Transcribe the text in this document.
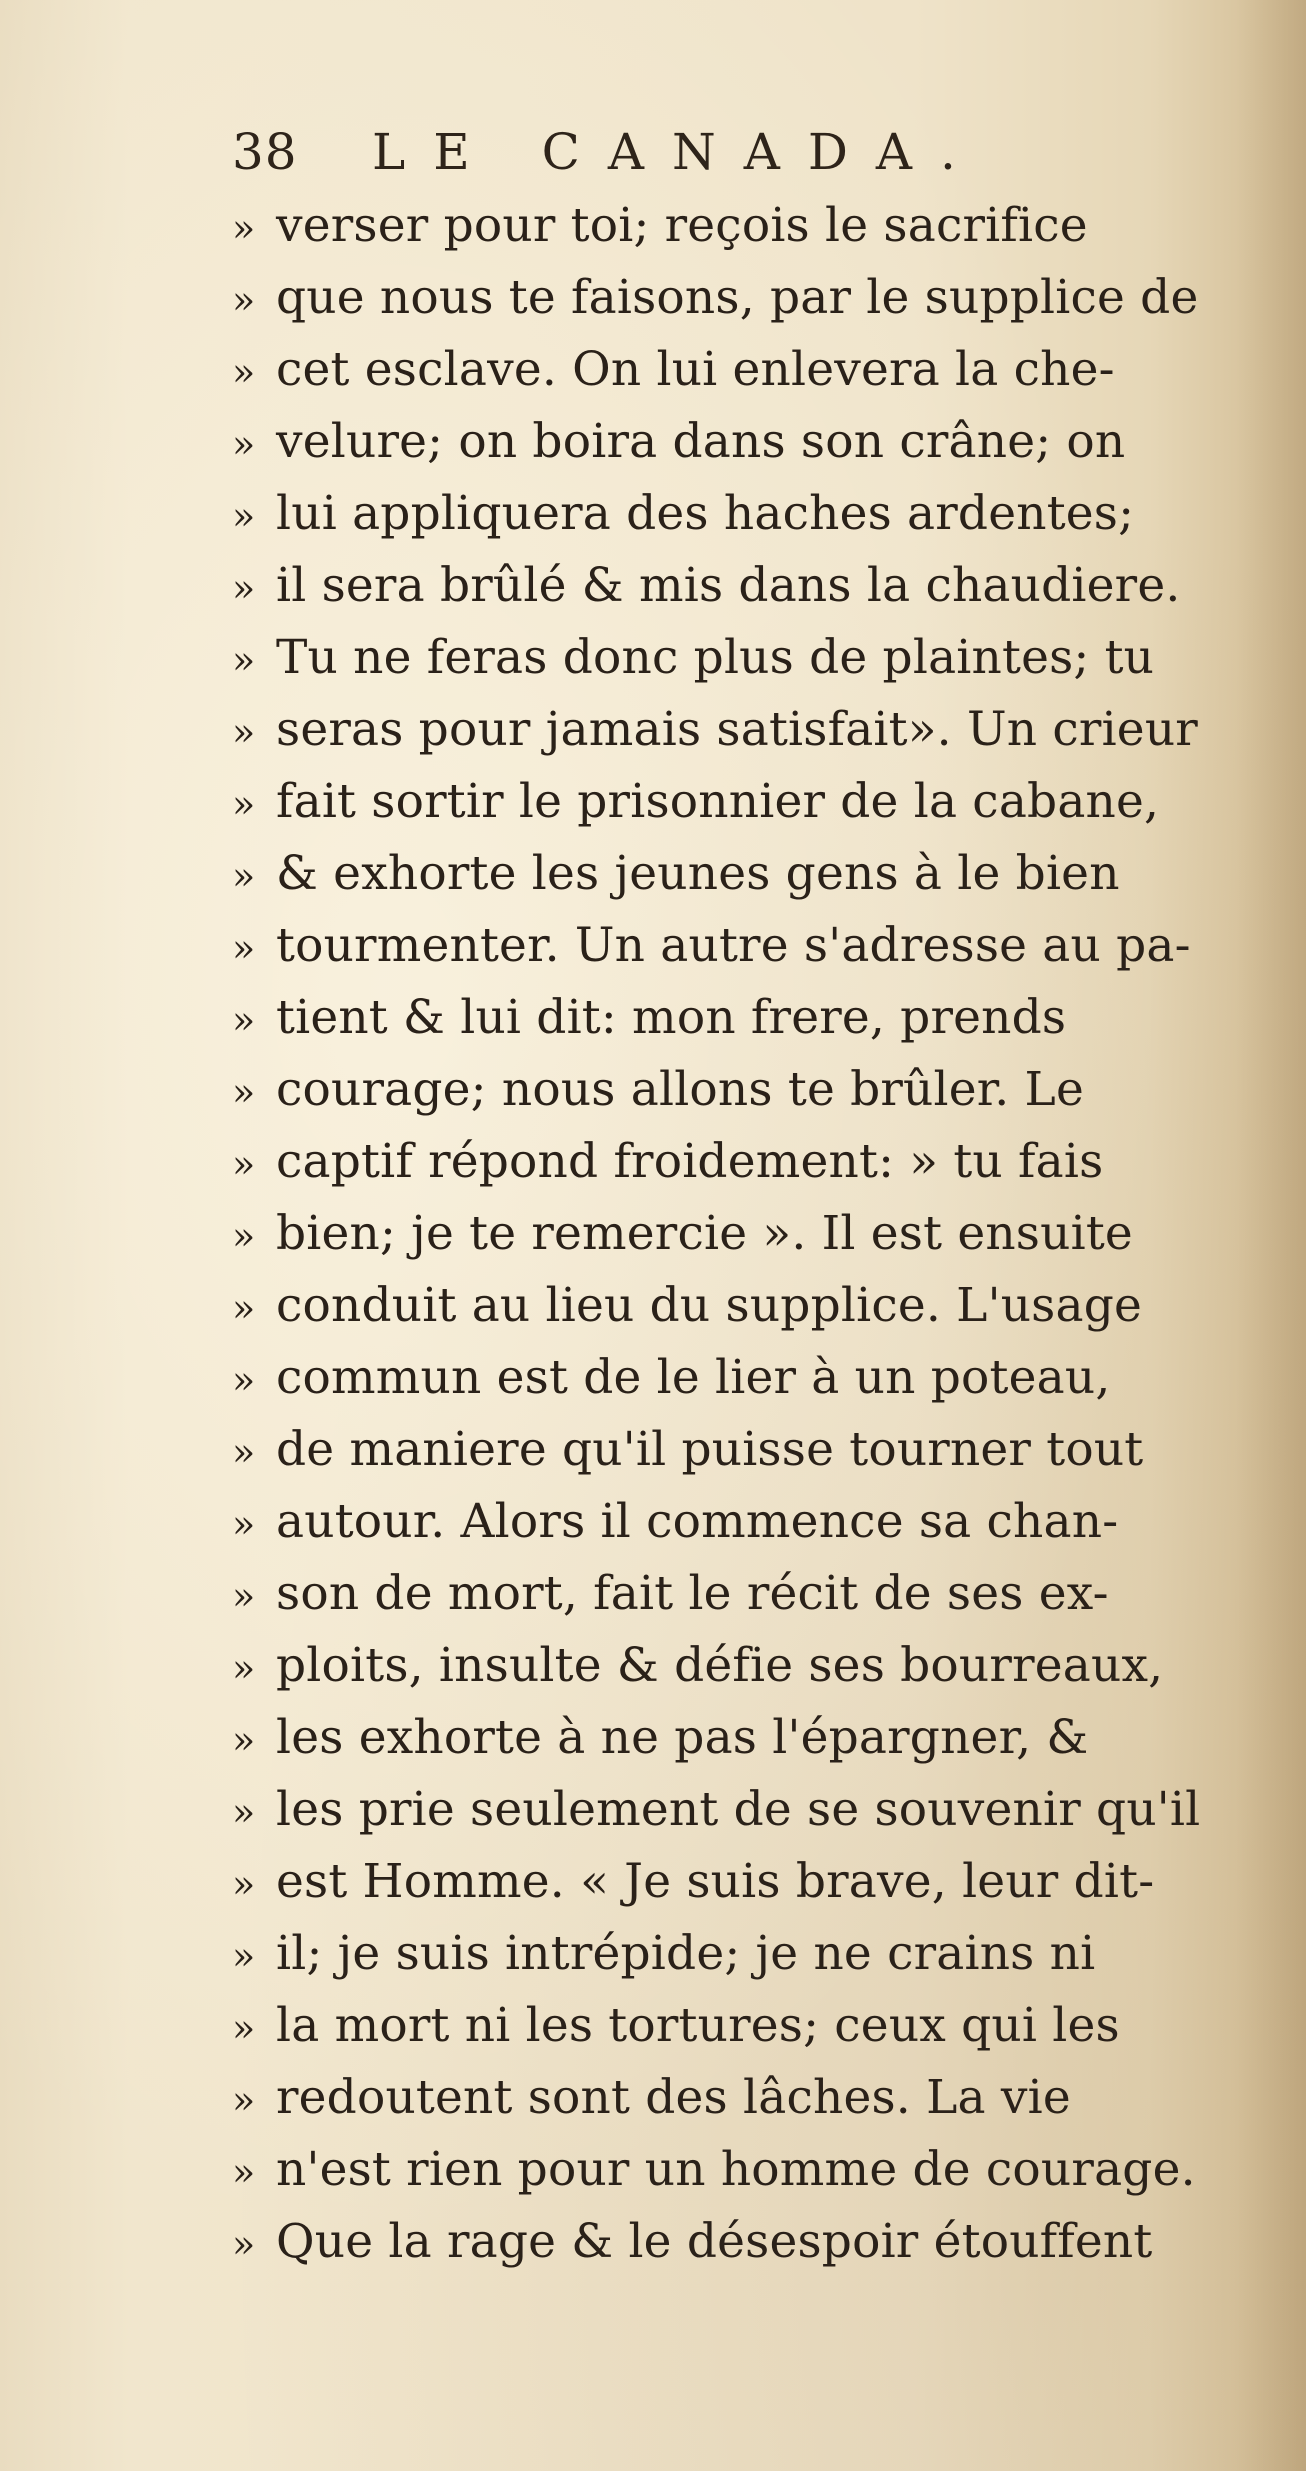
38 LE CANADA.
» verser pour toi; reçois le sacrifice
» que nous te faisons, par le supplice de
» cet esclave. On lui enlevera la che-
» velure; on boira dans son crâne; on
» lui appliquera des haches ardentes;
» il sera brûlé & mis dans la chaudiere.
» Tu ne feras donc plus de plaintes; tu
» seras pour jamais satisfait». Un crieur
» fait sortir le prisonnier de la cabane,
» & exhorte les jeunes gens à le bien
» tourmenter. Un autre s'adresse au pa-
» tient & lui dit: mon frere, prends
» courage; nous allons te brûler. Le
» captif répond froidement: » tu fais
» bien; je te remercie ». Il est ensuite
» conduit au lieu du supplice. L'usage
» commun est de le lier à un poteau,
» de maniere qu'il puisse tourner tout
» autour. Alors il commence sa chan-
» son de mort, fait le récit de ses ex-
» ploits, insulte & défie ses bourreaux,
» les exhorte à ne pas l'épargner, &
» les prie seulement de se souvenir qu'il
» est Homme. « Je suis brave, leur dit-
» il; je suis intrépide; je ne crains ni
» la mort ni les tortures; ceux qui les
» redoutent sont des lâches. La vie
» n'est rien pour un homme de courage.
» Que la rage & le désespoir étouffent
